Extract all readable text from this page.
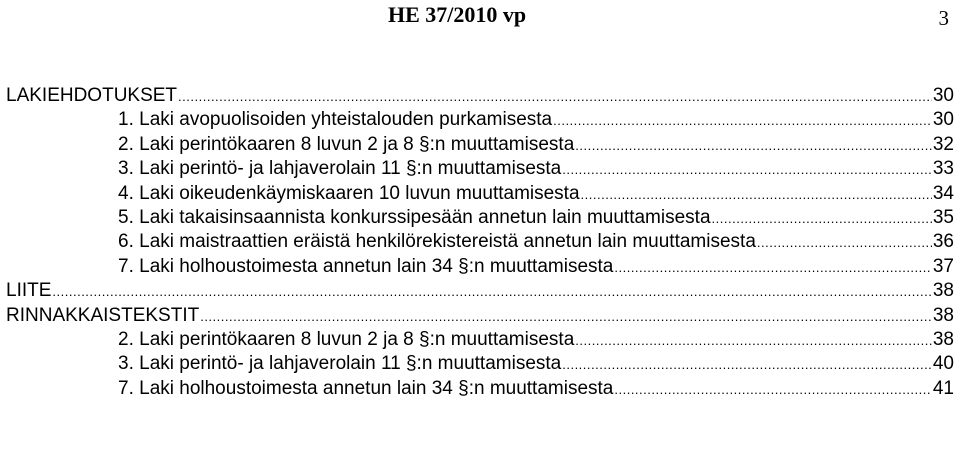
HE 37/2010 vp	3
LAKIEHDOTUKSET .....	30
1. Laki avopuolisoiden yhteistalouden purkamisesta .....	30
2. Laki perintökaaren 8 luvun 2 ja 8 §:n muuttamisesta .....	32
3. Laki perintö- ja lahjaverolain 11 §:n muuttamisesta .....	33
4. Laki oikeudenkäymiskaaren 10 luvun muuttamisesta .....	34
5. Laki takaisinsaannista konkurssipesään annetun lain muuttamisesta .....	35
6. Laki maistraattien eräistä henkilörekistereistä annetun lain muuttamisesta .....	36
7. Laki holhoustoimesta annetun lain 34 §:n muuttamisesta .....	37
LIITE .....	38
RINNAKKAISTEKSTIT .....	38
2. Laki perintökaaren 8 luvun 2 ja 8 §:n muuttamisesta .....	38
3. Laki perintö- ja lahjaverolain 11 §:n muuttamisesta .....	40
7. Laki holhoustoimesta annetun lain 34 §:n muuttamisesta .....	41
